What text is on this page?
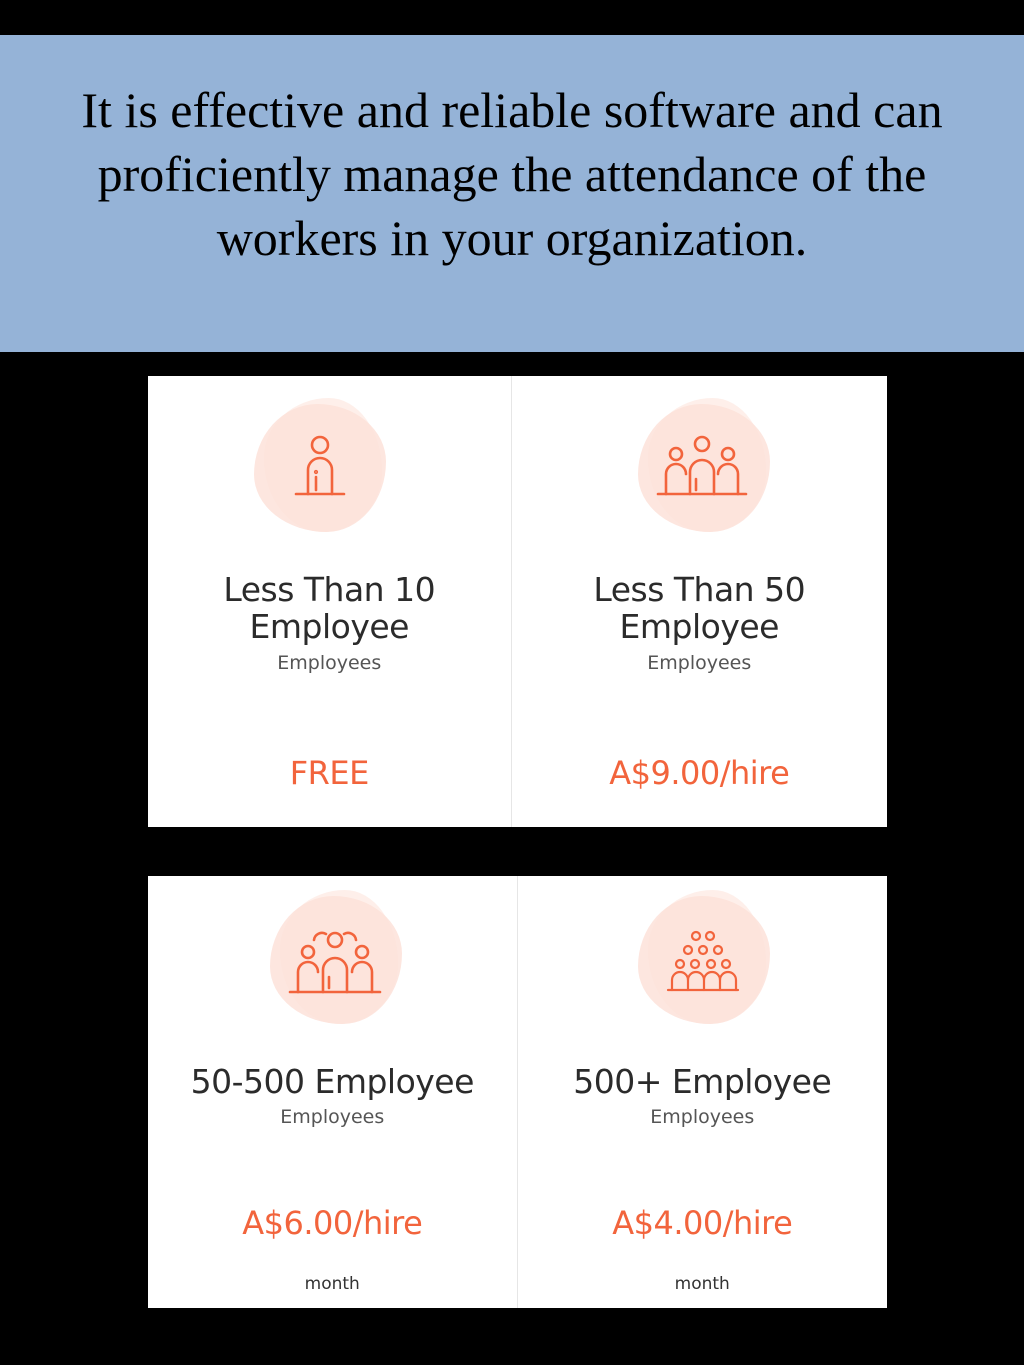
It is effective and reliable software and can proficiently manage the attendance of the workers in your organization.
Less Than 10
Employee
Employees
FREE
Less Than 50
Employee
Employees
A$9.00/hire
50-500 Employee
Employees
A$6.00/hire
month
500+ Employee
Employees
A$4.00/hire
month
